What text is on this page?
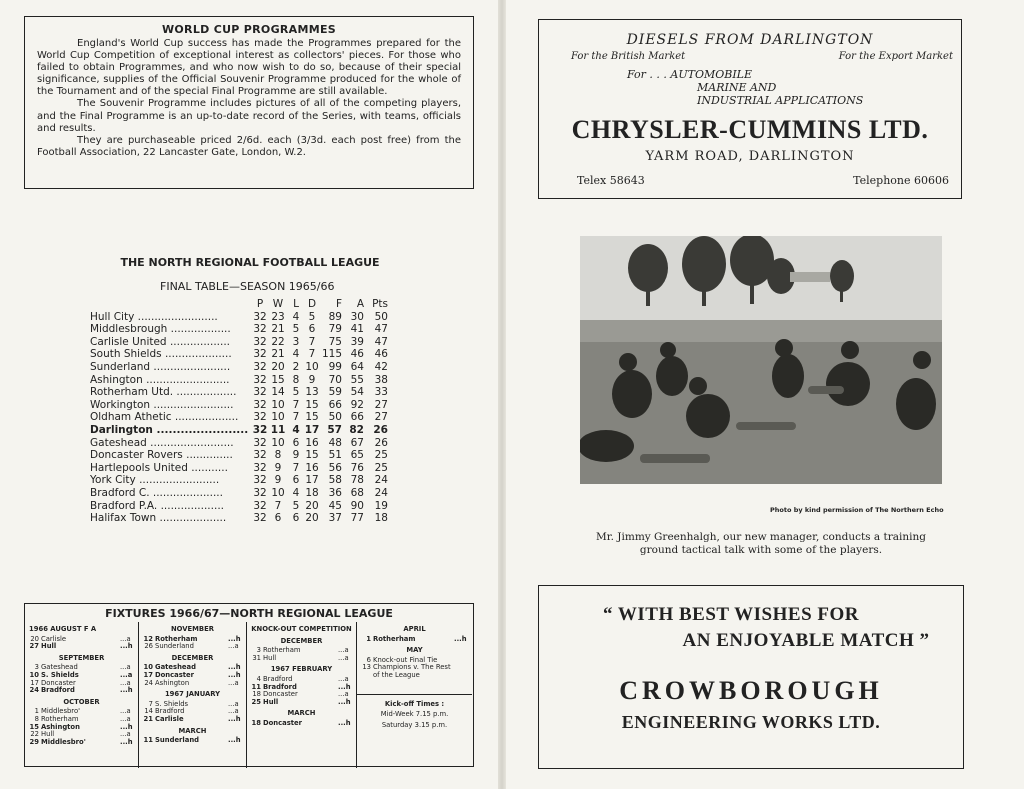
WORLD CUP PROGRAMMES

England's World Cup success has made the Programmes prepared for the World Cup Competition of exceptional interest as collectors' pieces. For those who failed to obtain Programmes, and who now wish to do so, because of their special significance, supplies of the Official Souvenir Programme produced for the whole of the Tournament and of the special Final Programme are still available.

The Souvenir Programme includes pictures of all of the competing players, and the Final Programme is an up-to-date record of the Series, with teams, officials and results.

They are purchaseable priced 2/6d. each (3/3d. each post free) from the Football Association, 22 Lancaster Gate, London, W.2.

THE NORTH REGIONAL FOOTBALL LEAGUE
FINAL TABLE—SEASON 1965/66
P W L D	F	A Pts
Hull City ........................	32 23 4 5	89 30	50
Middlesbrough ..................	32 21 5 6	79 41	47
Carlisle United ..................	32 22 3 7	75 39	47
South Shields ....................	32 21 4 7 115 46	46
Sunderland .......................	32 20 2 10 99 64	42
Ashington .........................	32 15 8 9	70 55	38
Rotherham Utd. ..................	32 14 5 13 59 54	33
Workington ........................	32 10 7 15 66 92	27
Oldham Athetic ...................	32 10 7 15 50 66	27
Darlington ....................... 32 11 4 17 57 82 26
Gateshead .........................	32 10 6 16 48 67	26
Doncaster Rovers ..............	32 8	9 15 51 65	25
Hartlepools United ...........	32 9	7 16 56 76	25
York City ........................	32 9	6 17 58 78	24
Bradford C. .....................	32 10 4 18 36 68	24
Bradford P.A. ...................	32 7	5 20 45 90	19
Halifax Town ....................	32 6	6 20 37 77	18
FIXTURES 1966/67—NORTH REGIONAL LEAGUE
1966 AUGUST F A
20 Carlisle	...a
27 Hull	...h
SEPTEMBER
3 Gateshead	...a
10 S. Shields	...a
17 Doncaster	...a
24 Bradford	...h
OCTOBER
1 Middlesbro'	...a
8 Rotherham	...a
15 Ashington	...h
22 Hull	...a
29 Middlesbro'	...h
NOVEMBER
12 Rotherham	...h
26 Sunderland	...a
DECEMBER
10 Gateshead	...h
17 Doncaster	...h
24 Ashington	...a
1967 JANUARY
7 S. Shields	...a
14 Bradford	...a
21 Carlisle	...h
MARCH
11 Sunderland	...h
KNOCK-OUT COMPETITION
DECEMBER
3 Rotherham	...a
31 Hull	...a
1967 FEBRUARY
4 Bradford	...a
11 Bradford	...h
18 Doncaster	...a
25 Hull	...h
MARCH
18 Doncaster	...h
APRIL
1 Rotherham	...h
MAY
6 Knock-out Final Tie
13 Champions v. The Rest of the League
Kick-off Times :
Mid-Week 7.15 p.m.
Saturday 3.15 p.m.
DIESELS FROM DARLINGTON
For the British Market	For the Export Market
For . . . AUTOMOBILE
MARINE AND
INDUSTRIAL APPLICATIONS
CHRYSLER-CUMMINS LTD.
YARM ROAD, DARLINGTON
Telex 58643	Telephone 60606
Photo by kind permission of The Northern Echo
Mr. Jimmy Greenhalgh, our new manager, conducts a training ground tactical talk with some of the players.
“ WITH BEST WISHES FOR
AN ENJOYABLE MATCH ”
CROWBOROUGH
ENGINEERING WORKS LTD.
